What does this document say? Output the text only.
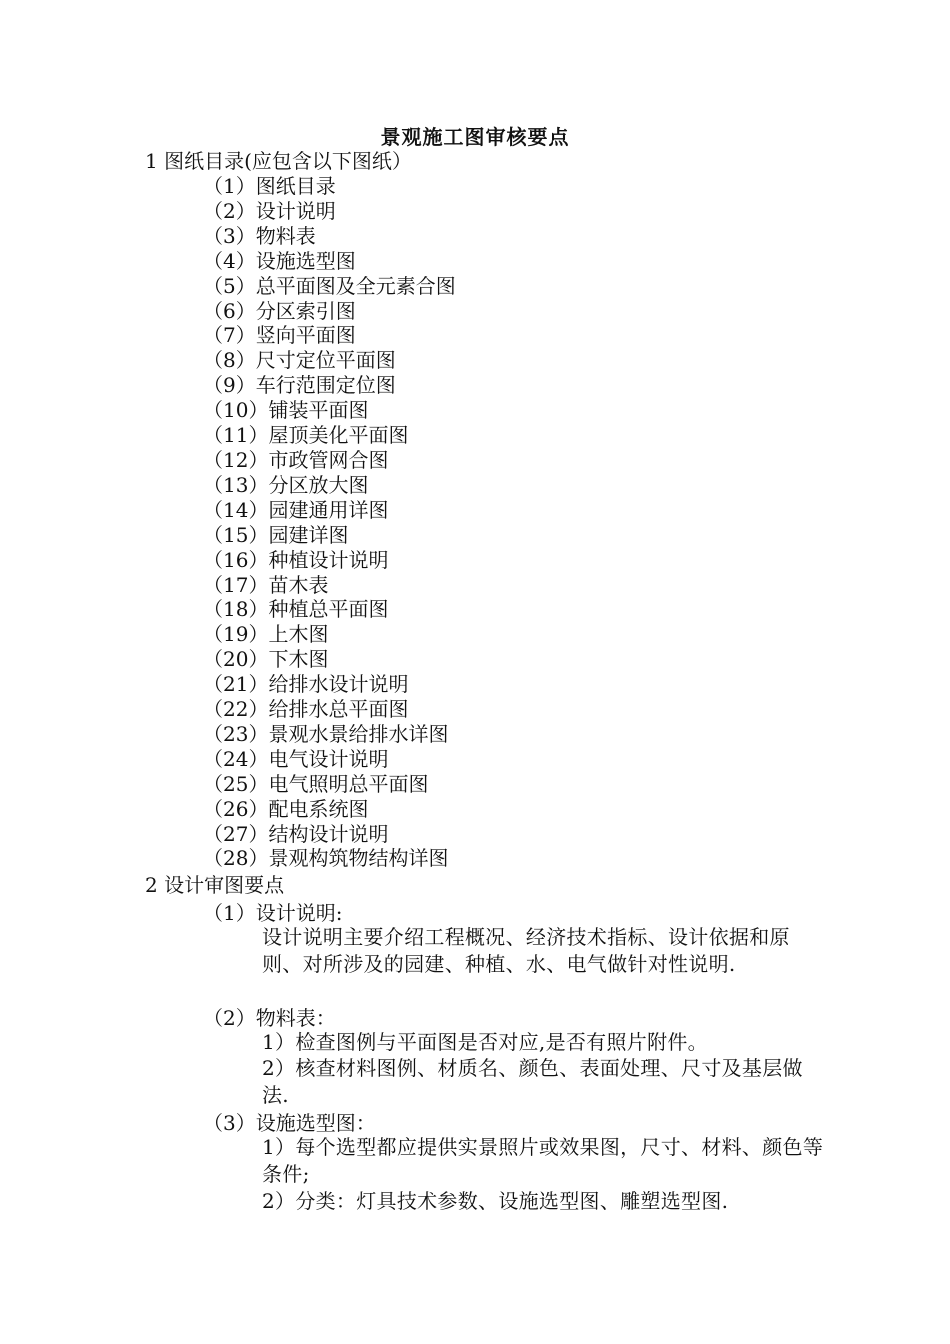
景观施工图审核要点
1 图纸目录(应包含以下图纸）
（1）图纸目录
（2）设计说明
（3）物料表
（4）设施选型图
（5）总平面图及全元素合图
（6）分区索引图
（7）竖向平面图
（8）尺寸定位平面图
（9）车行范围定位图
（10）铺装平面图
（11）屋顶美化平面图
（12）市政管网合图
（13）分区放大图
（14）园建通用详图
（15）园建详图
（16）种植设计说明
（17）苗木表
（18）种植总平面图
（19）上木图
（20）下木图
（21）给排水设计说明
（22）给排水总平面图
（23）景观水景给排水详图
（24）电气设计说明
（25）电气照明总平面图
（26）配电系统图
（27）结构设计说明
（28）景观构筑物结构详图
2 设计审图要点
（1）设计说明:
设计说明主要介绍工程概况、经济技术指标、设计依据和原则、对所涉及的园建、种植、水、电气做针对性说明.
（2）物料表：
1）检查图例与平面图是否对应,是否有照片附件。
2）核查材料图例、材质名、颜色、表面处理、尺寸及基层做法.
（3）设施选型图：
1）每个选型都应提供实景照片或效果图，尺寸、材料、颜色等条件;
2）分类：灯具技术参数、设施选型图、雕塑选型图.
